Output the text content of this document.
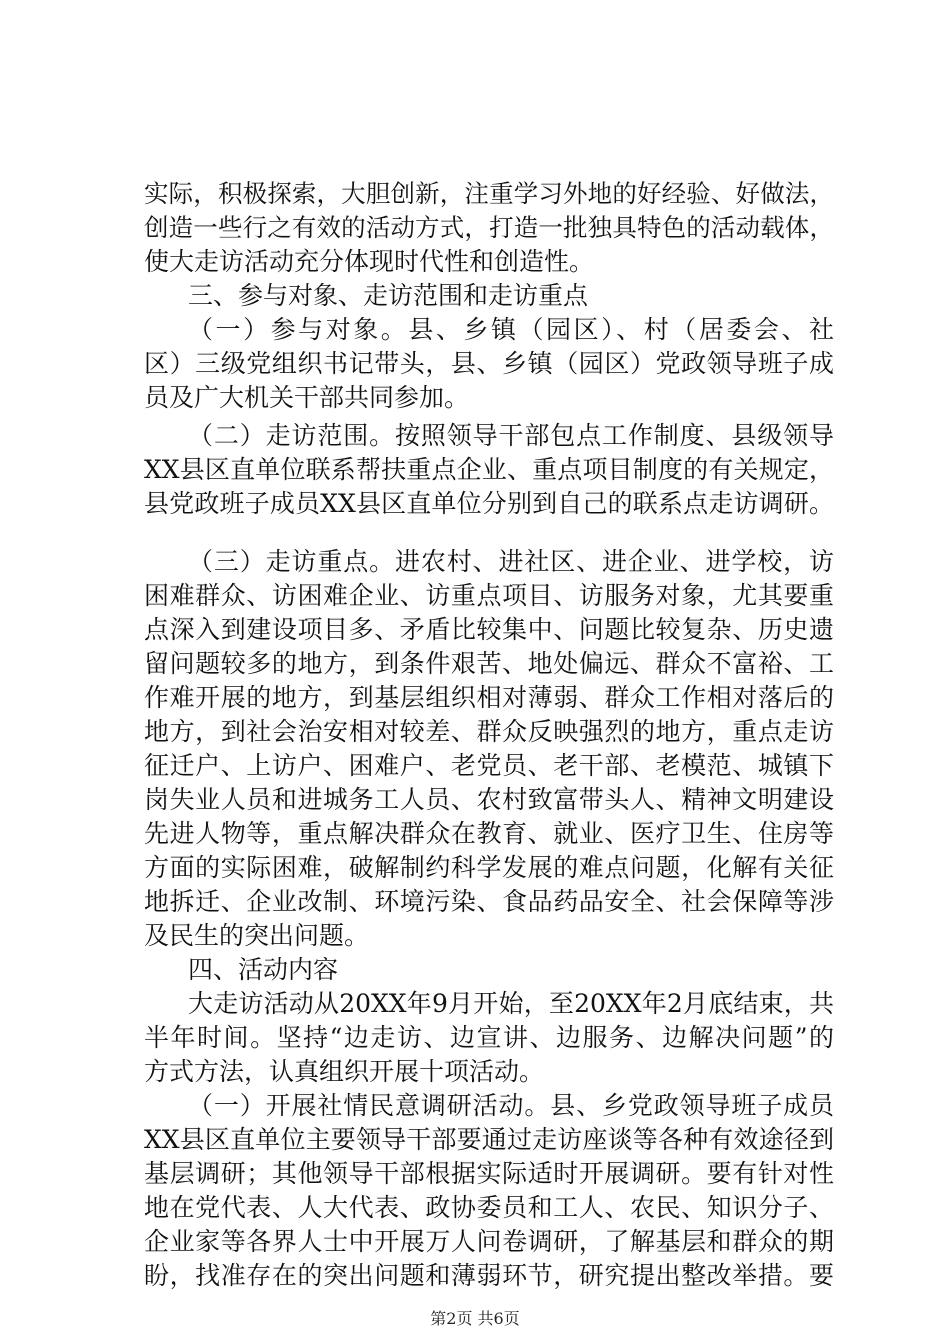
实际，积极探索，大胆创新，注重学习外地的好经验、好做法，
创造一些行之有效的活动方式，打造一批独具特色的活动载体，
使大走访活动充分体现时代性和创造性。
三、参与对象、走访范围和走访重点
（一）参与对象。县、乡镇（园区）、村（居委会、社
区）三级党组织书记带头，县、乡镇（园区）党政领导班子成
员及广大机关干部共同参加。
（二）走访范围。按照领导干部包点工作制度、县级领导
XX县区直单位联系帮扶重点企业、重点项目制度的有关规定，
县党政班子成员XX县区直单位分别到自己的联系点走访调研。
（三）走访重点。进农村、进社区、进企业、进学校，访
困难群众、访困难企业、访重点项目、访服务对象，尤其要重
点深入到建设项目多、矛盾比较集中、问题比较复杂、历史遗
留问题较多的地方，到条件艰苦、地处偏远、群众不富裕、工
作难开展的地方，到基层组织相对薄弱、群众工作相对落后的
地方，到社会治安相对较差、群众反映强烈的地方，重点走访
征迁户、上访户、困难户、老党员、老干部、老模范、城镇下
岗失业人员和进城务工人员、农村致富带头人、精神文明建设
先进人物等，重点解决群众在教育、就业、医疗卫生、住房等
方面的实际困难，破解制约科学发展的难点问题，化解有关征
地拆迁、企业改制、环境污染、食品药品安全、社会保障等涉
及民生的突出问题。
四、活动内容
大走访活动从20XX年9月开始，至20XX年2月底结束，共
半年时间。坚持“边走访、边宣讲、边服务、边解决问题”的
方式方法，认真组织开展十项活动。
（一）开展社情民意调研活动。县、乡党政领导班子成员
XX县区直单位主要领导干部要通过走访座谈等各种有效途径到
基层调研；其他领导干部根据实际适时开展调研。要有针对性
地在党代表、人大代表、政协委员和工人、农民、知识分子、
企业家等各界人士中开展万人问卷调研，了解基层和群众的期
盼，找准存在的突出问题和薄弱环节，研究提出整改举措。要
第2页 共6页
